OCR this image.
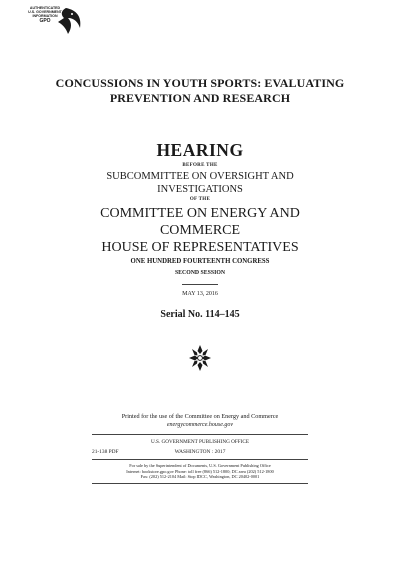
AUTHENTICATED
U.S. GOVERNMENT
INFORMATION
GPO
CONCUSSIONS IN YOUTH SPORTS: EVALUATING
PREVENTION AND RESEARCH
HEARING
BEFORE THE
SUBCOMMITTEE ON OVERSIGHT AND
INVESTIGATIONS
OF THE
COMMITTEE ON ENERGY AND
COMMERCE
HOUSE OF REPRESENTATIVES
ONE HUNDRED FOURTEENTH CONGRESS
SECOND SESSION
MAY 13, 2016
Serial No. 114–145
Printed for the use of the Committee on Energy and Commerce
energycommerce.house.gov
U.S. GOVERNMENT PUBLISHING OFFICE
21-138 PDF	WASHINGTON : 2017
For sale by the Superintendent of Documents, U.S. Government Publishing Office
Internet: bookstore.gpo.gov Phone: toll free (866) 512-1800; DC area (202) 512-1800
Fax: (202) 512-2104 Mail: Stop IDCC, Washington, DC 20402-0001
